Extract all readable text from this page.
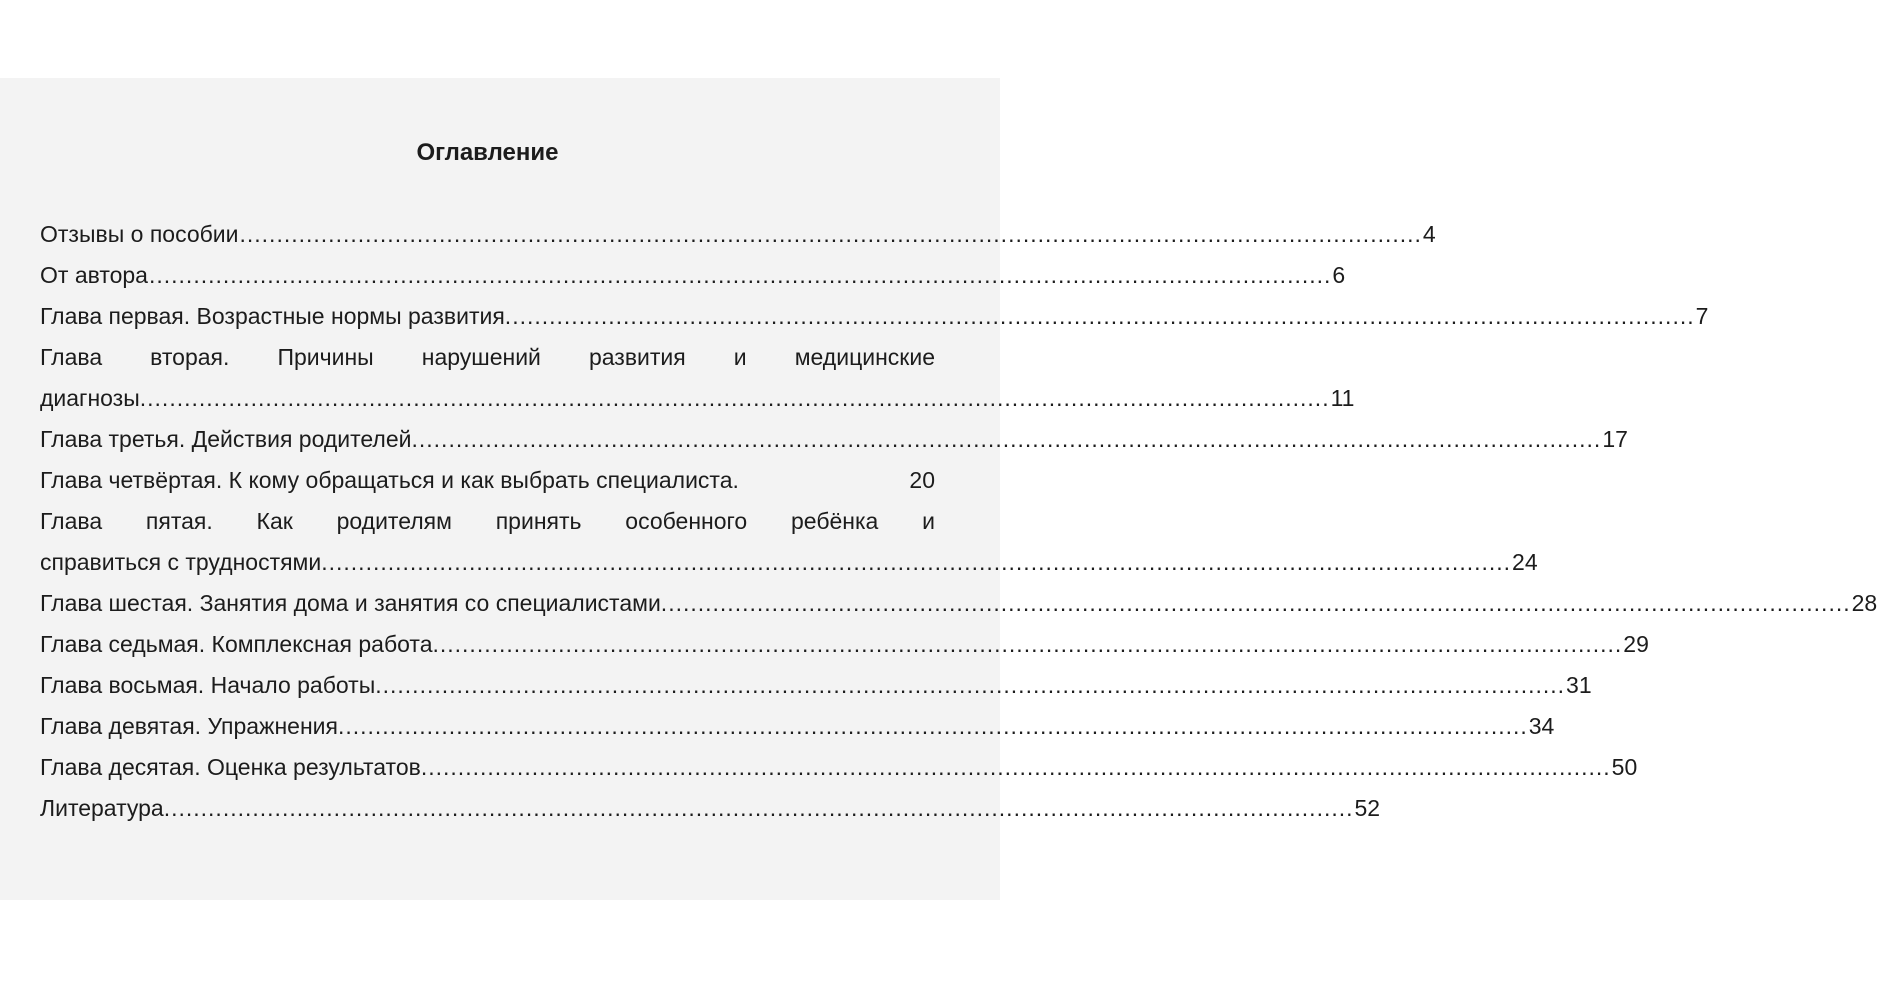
Оглавление
Отзывы о пособии ................................................................................................................................................................ 4
От автора ................................................................................................................................................................ 6
Глава первая. Возрастные нормы развития. ................................................................................................................................................................ 7
Глава вторая. Причины нарушений развития и медицинские
диагнозы. ................................................................................................................................................................ 11
Глава третья. Действия родителей. ................................................................................................................................................................ 17
Глава четвёртая. К кому обращаться и как выбрать специалиста.	20
Глава пятая. Как родителям принять особенного ребёнка и
справиться с трудностями. ................................................................................................................................................................ 24
Глава шестая. Занятия дома и занятия со специалистами. ................................................................................................................................................................ 28
Глава седьмая. Комплексная работа. ................................................................................................................................................................ 29
Глава восьмая. Начало работы. ................................................................................................................................................................ 31
Глава девятая. Упражнения. ................................................................................................................................................................ 34
Глава десятая. Оценка результатов. ................................................................................................................................................................ 50
Литература. ................................................................................................................................................................ 52
